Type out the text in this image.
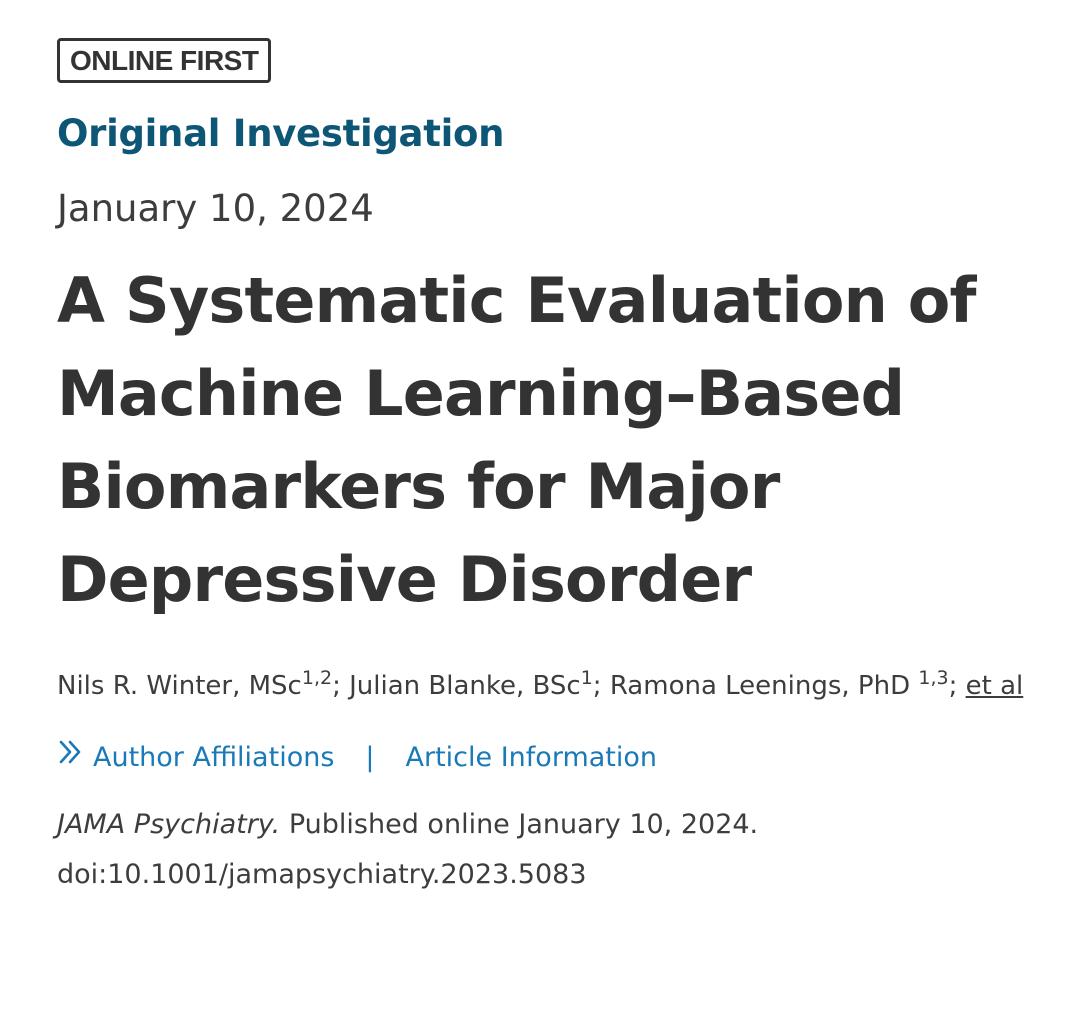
ONLINE FIRST
Original Investigation
January 10, 2024
A Systematic Evaluation of
Machine Learning–Based
Biomarkers for Major
Depressive Disorder
Nils R. Winter, MSc$^{1,2}$; Julian Blanke, BSc$^1$; Ramona Leenings, PhD $^{1,3}$; et al
Author Affiliations | Article Information
JAMA Psychiatry. Published online January 10, 2024.
doi:10.1001/jamapsychiatry.2023.5083
